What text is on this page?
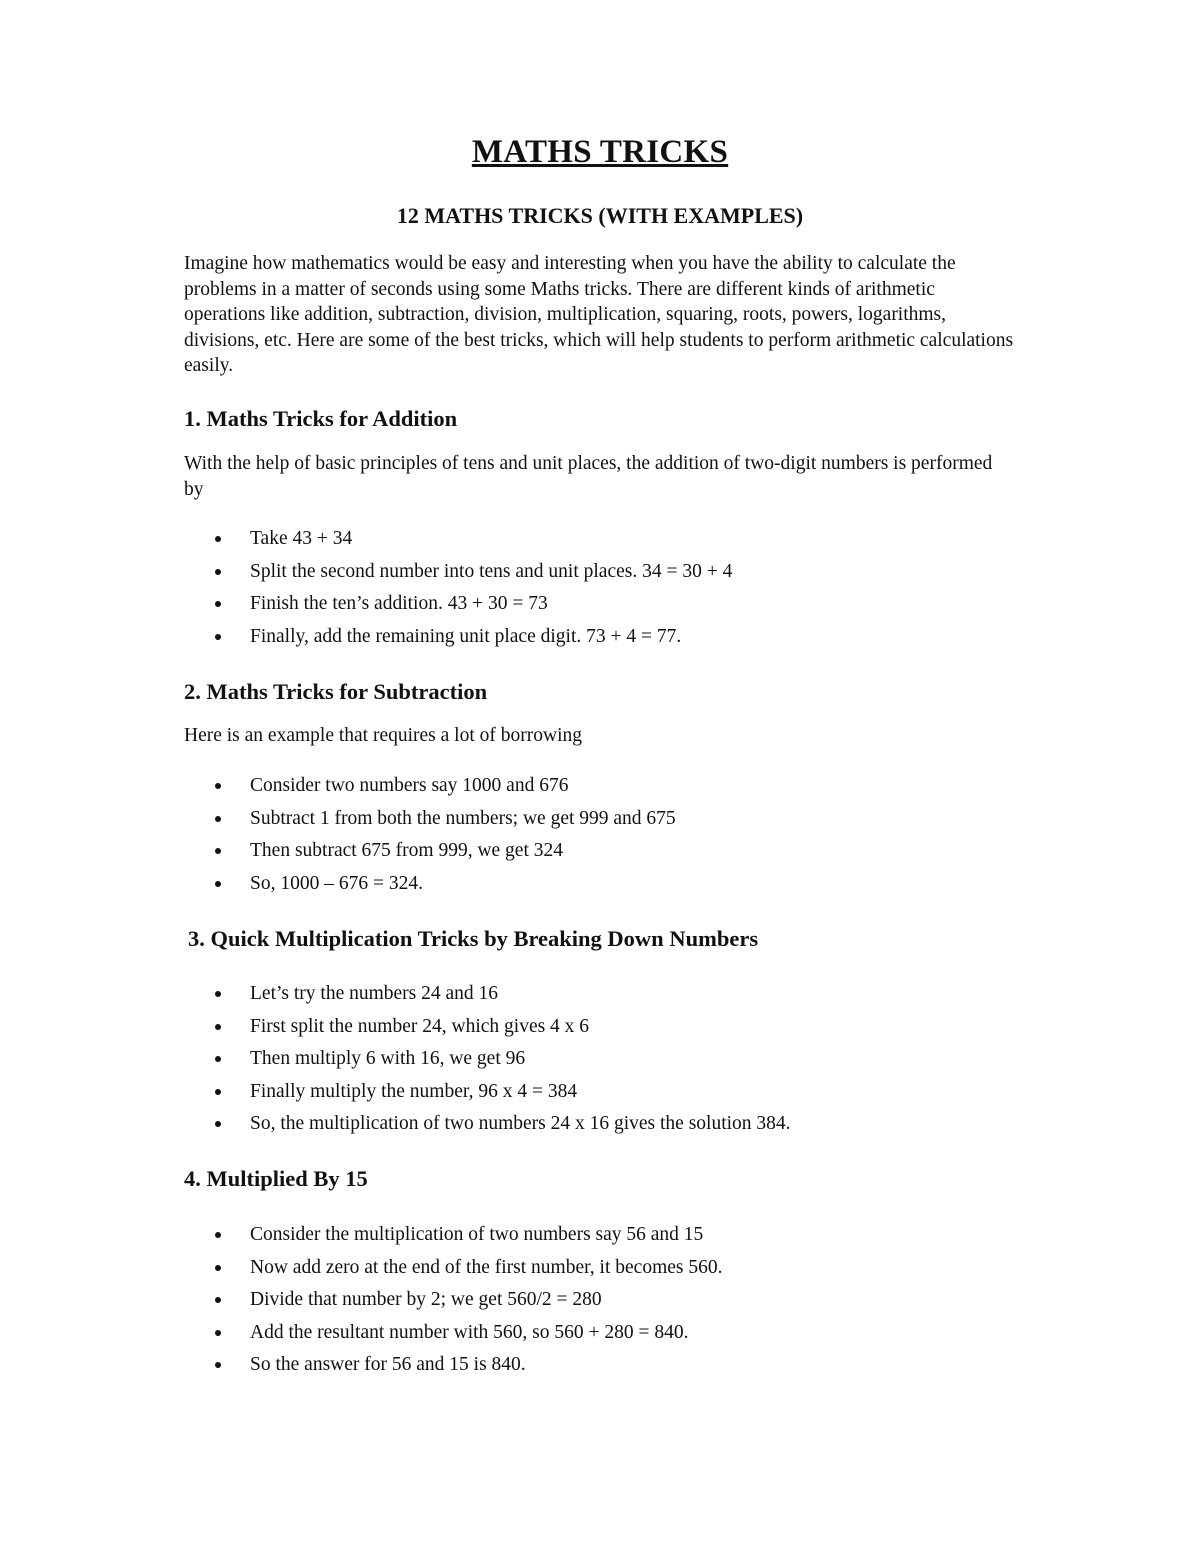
MATHS TRICKS
12 MATHS TRICKS (WITH EXAMPLES)

Imagine how mathematics would be easy and interesting when you have the ability to calculate the problems in a matter of seconds using some Maths tricks. There are different kinds of arithmetic operations like addition, subtraction, division, multiplication, squaring, roots, powers, logarithms, divisions, etc. Here are some of the best tricks, which will help students to perform arithmetic calculations easily.

1. Maths Tricks for Addition

With the help of basic principles of tens and unit places, the addition of two-digit numbers is performed by

Take 43 + 34
Split the second number into tens and unit places. 34 = 30 + 4
Finish the ten’s addition. 43 + 30 = 73
Finally, add the remaining unit place digit. 73 + 4 = 77.
2. Maths Tricks for Subtraction

Here is an example that requires a lot of borrowing

Consider two numbers say 1000 and 676
Subtract 1 from both the numbers; we get 999 and 675
Then subtract 675 from 999, we get 324
So, 1000 – 676 = 324.
3. Quick Multiplication Tricks by Breaking Down Numbers
Let’s try the numbers 24 and 16
First split the number 24, which gives 4 x 6
Then multiply 6 with 16, we get 96
Finally multiply the number, 96 x 4 = 384
So, the multiplication of two numbers 24 x 16 gives the solution 384.
4. Multiplied By 15
Consider the multiplication of two numbers say 56 and 15
Now add zero at the end of the first number, it becomes 560.
Divide that number by 2; we get 560/2 = 280
Add the resultant number with 560, so 560 + 280 = 840.
So the answer for 56 and 15 is 840.
